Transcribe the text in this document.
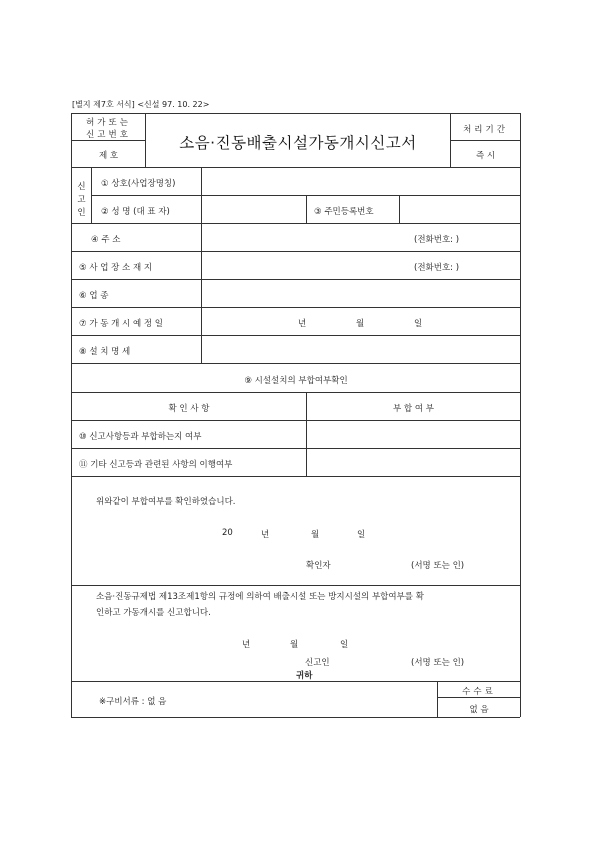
[별지 제7호 서식] <신설 97. 10. 22>
허가또는
신고번호
제 호
소음·진동배출시설가동개시신고서
처리기간
즉 시
신
고
인
① 상호(사업장명칭)
② 성 명 (대 표 자)	③ 주민등록번호
④ 주 소	(전화번호: )
⑤ 사 업 장 소 재 지	(전화번호: )
⑥ 업 종
⑦ 가 동 개 시 예 정 일	년	월	일
⑧ 설 치 명 세
⑨ 시설설치의 부합여부확인
확 인 사 항	부 합 여 부
⑩ 신고사항등과 부합하는지 여부
⑪ 기타 신고등과 관련된 사항의 이행여부
위와같이 부합여부를 확인하였습니다.
20	년	월	일
확인자	(서명 또는 인)
소음·진동규제법 제13조제1항의 규정에 의하여 배출시설 또는 방지시설의 부합여부를 확
인하고 가동개시를 신고합니다.
년	월	일
신고인	(서명 또는 인)
귀하
※구비서류 : 없 음
수수료
없 음
